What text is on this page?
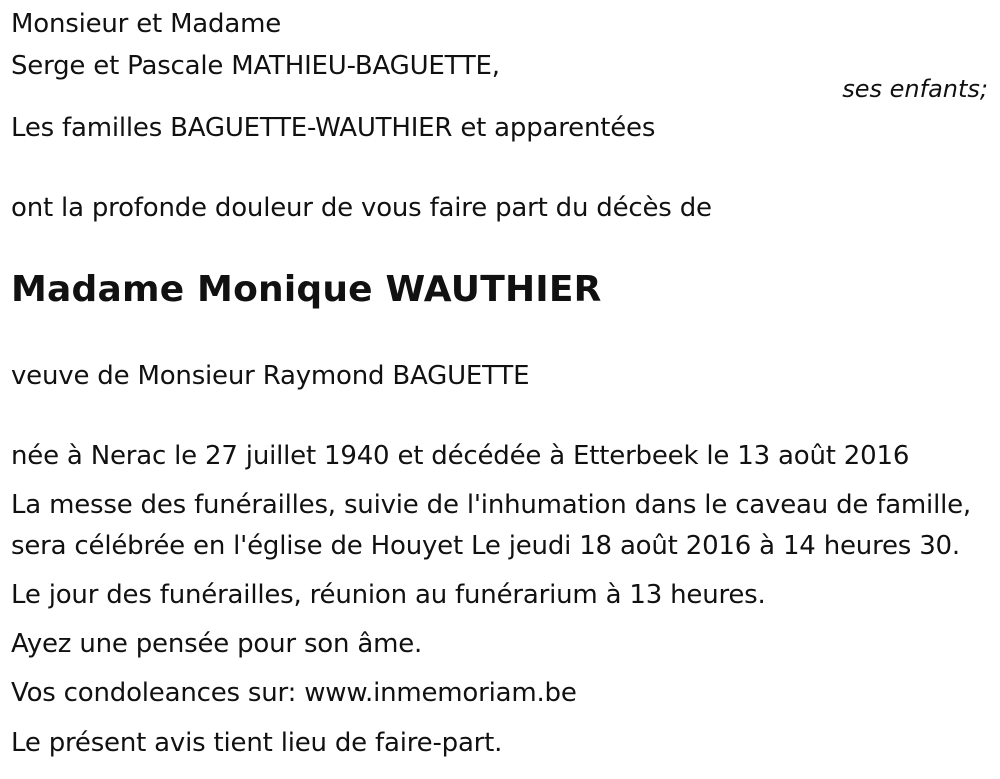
Monsieur et Madame
Serge et Pascale MATHIEU-BAGUETTE,
ses enfants;
Les familles BAGUETTE-WAUTHIER et apparentées
ont la profonde douleur de vous faire part du décès de
Madame Monique WAUTHIER
veuve de Monsieur Raymond BAGUETTE
née à Nerac le 27 juillet 1940 et décédée à Etterbeek le 13 août 2016
La messe des funérailles, suivie de l'inhumation dans le caveau de famille,
sera célébrée en l'église de Houyet Le jeudi 18 août 2016 à 14 heures 30.
Le jour des funérailles, réunion au funérarium à 13 heures.
Ayez une pensée pour son âme.
Vos condoleances sur: www.inmemoriam.be
Le présent avis tient lieu de faire-part.
